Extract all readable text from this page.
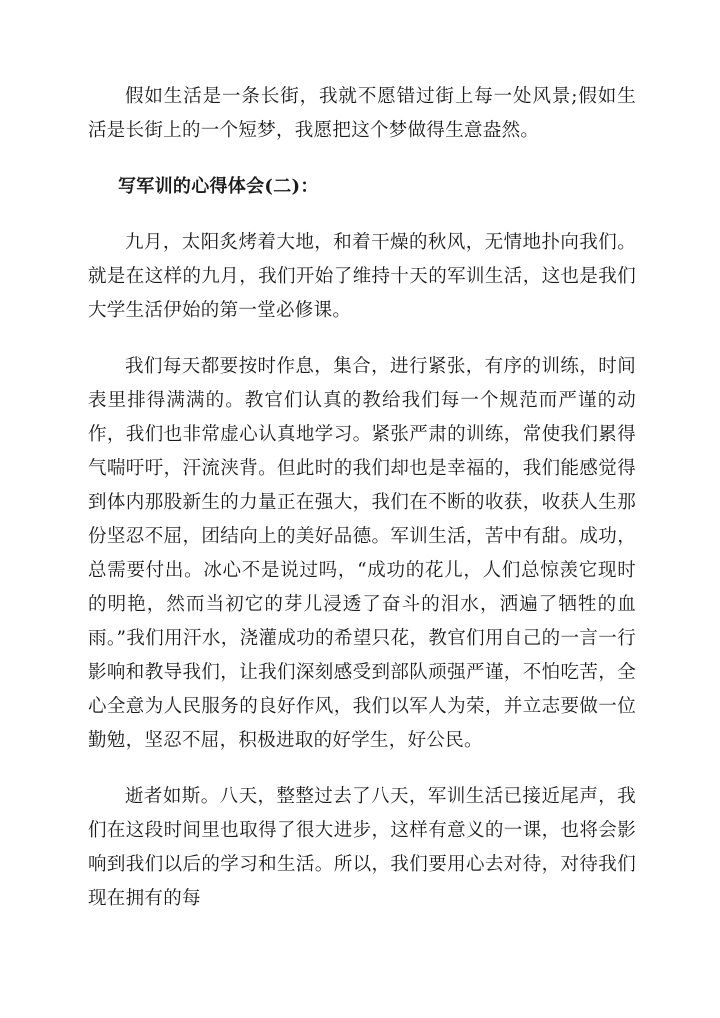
假如生活是一条长街，我就不愿错过街上每一处风景;假如生活是长街上的一个短梦，我愿把这个梦做得生意盎然。

写军训的心得体会(二)：

九月，太阳炙烤着大地，和着干燥的秋风，无情地扑向我们。就是在这样的九月，我们开始了维持十天的军训生活，这也是我们大学生活伊始的第一堂必修课。

我们每天都要按时作息，集合，进行紧张，有序的训练，时间表里排得满满的。教官们认真的教给我们每一个规范而严谨的动作，我们也非常虚心认真地学习。紧张严肃的训练，常使我们累得气喘吁吁，汗流浃背。但此时的我们却也是幸福的，我们能感觉得到体内那股新生的力量正在强大，我们在不断的收获，收获人生那份坚忍不屈，团结向上的美好品德。军训生活，苦中有甜。成功，总需要付出。冰心不是说过吗，“成功的花儿，人们总惊羡它现时的明艳，然而当初它的芽儿浸透了奋斗的泪水，洒遍了牺牲的血雨。”我们用汗水，浇灌成功的希望只花，教官们用自己的一言一行影响和教导我们，让我们深刻感受到部队顽强严谨，不怕吃苦，全心全意为人民服务的良好作风，我们以军人为荣，并立志要做一位勤勉，坚忍不屈，积极进取的好学生，好公民。

逝者如斯。八天，整整过去了八天，军训生活已接近尾声，我们在这段时间里也取得了很大进步，这样有意义的一课，也将会影响到我们以后的学习和生活。所以，我们要用心去对待，对待我们现在拥有的每
